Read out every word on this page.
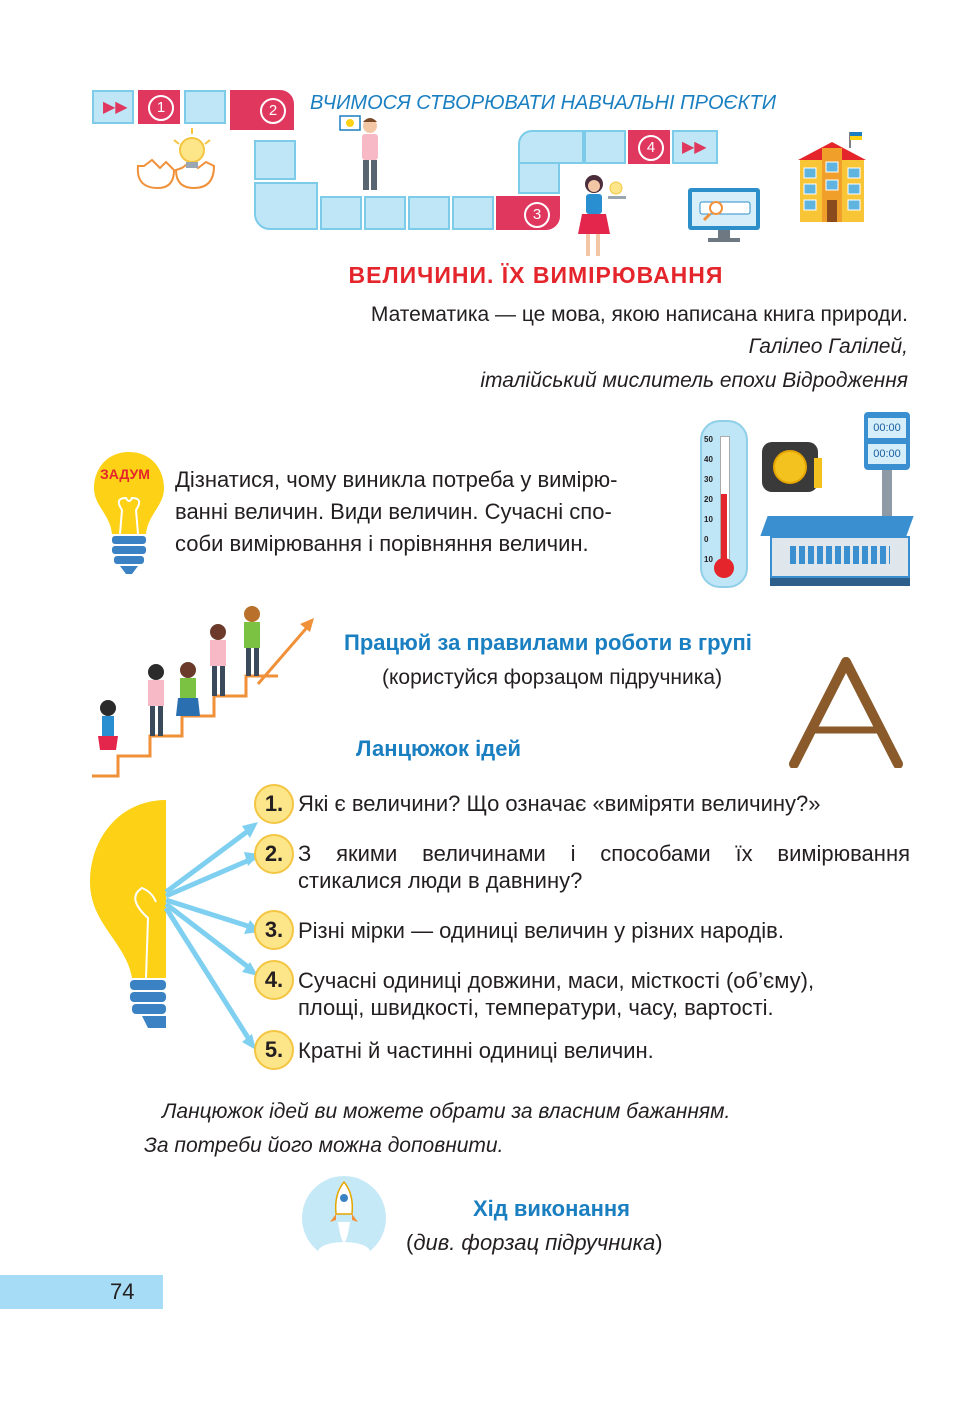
▶▶	1	2
3
4	▶▶
ВЧИМОСЯ СТВОРЮВАТИ НАВЧАЛЬНІ ПРОЄКТИ
ВЕЛИЧИНИ. ЇХ ВИМІРЮВАННЯ
Математика — це мова, якою написана книга природи.
Галілео Галілей,
італійський мислитель епохи Відродження
ЗАДУМ Дізнатися, чому виникла потреба у вимірю-
ванні величин. Види величин. Сучасні спо-
соби вимірювання і порівняння величин.
50
40
30
20
10
0
10
00:00
00:00
Працюй за правилами роботи в групі
(користуйся форзацом підручника)
Ланцюжок ідей
1. Які є величини? Що означає «виміряти величину?»
2. З якими величинами і способами їх вимірювання
стикалися люди в давнину?
3. Різні мірки — одиниці величин у різних народів.
4. Сучасні одиниці довжини, маси, місткості (об’єму),
площі, швидкості, температури, часу, вартості.
5. Кратні й частинні одиниці величин.
Ланцюжок ідей ви можете обрати за власним бажанням.
За потреби його можна доповнити.
Хід виконання
(див. форзац підручника)
74
